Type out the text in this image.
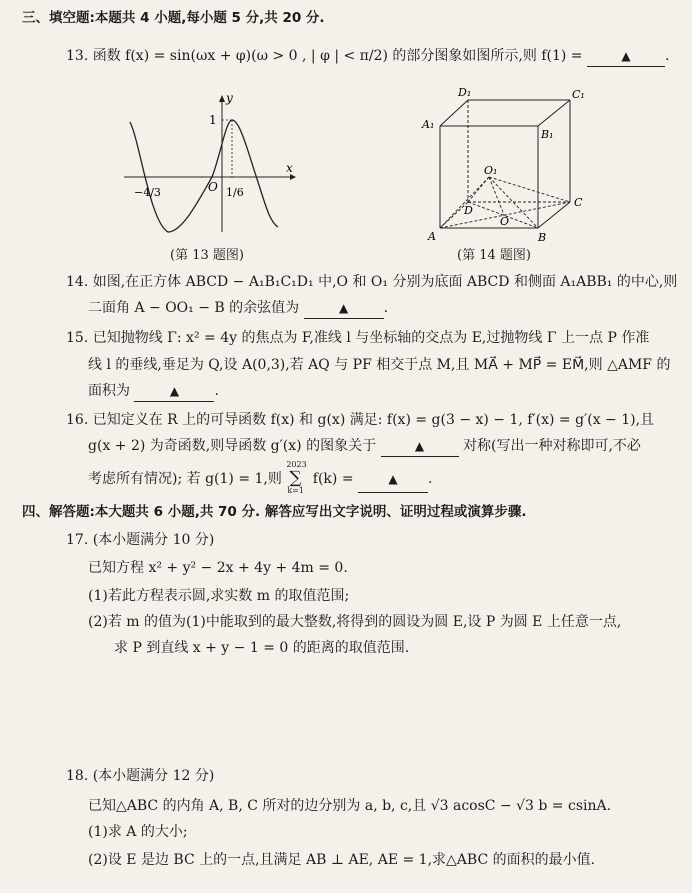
三、填空题:本题共 4 小题,每小题 5 分,共 20 分.
13. 函数 f(x) = sin(ωx + φ)(ω > 0 , | φ | < π/2) 的部分图象如图所示,则 f(1) =	▲ .
y
x
1
O
−4/3	1/6
(第 13 题图)
D₁	C₁
A₁
B₁
O₁
D
C
O
A	B
(第 14 题图)
14. 如图,在正方体 ABCD − A₁B₁C₁D₁ 中,O 和 O₁ 分别为底面 ABCD 和侧面 A₁ABB₁ 的中心,则
二面角 A − OO₁ − B 的余弦值为	▲	.
15. 已知抛物线 Γ: x² = 4y 的焦点为 F,准线 l 与坐标轴的交点为 E,过抛物线 Γ 上一点 P 作准
线 l 的垂线,垂足为 Q,设 A(0,3),若 AQ 与 PF 相交于点 M,且 MA⃗ + MP⃗ = EM⃗,则 △AMF 的
面积为	▲	.
16. 已知定义在 R 上的可导函数 f(x) 和 g(x) 满足: f(x) = g(3 − x) − 1, f′(x) = g′(x − 1),且
g(x + 2) 为奇函数,则导函数 g′(x) 的图象关于	▲	对称(写出一种对称即可,不必
考虑所有情况); 若 g(1) = 1,则
2023
∑
k=1
f(k) =	▲ .
四、解答题:本大题共 6 小题,共 70 分. 解答应写出文字说明、证明过程或演算步骤.
17. (本小题满分 10 分)
已知方程 x² + y² − 2x + 4y + 4m = 0.
(1)若此方程表示圆,求实数 m 的取值范围;
(2)若 m 的值为(1)中能取到的最大整数,将得到的圆设为圆 E,设 P 为圆 E 上任意一点,
求 P 到直线 x + y − 1 = 0 的距离的取值范围.
18. (本小题满分 12 分)
已知△ABC 的内角 A, B, C 所对的边分别为 a, b, c,且 √3 acosC − √3 b = csinA.
(1)求 A 的大小;
(2)设 E 是边 BC 上的一点,且满足 AB ⊥ AE, AE = 1,求△ABC 的面积的最小值.
